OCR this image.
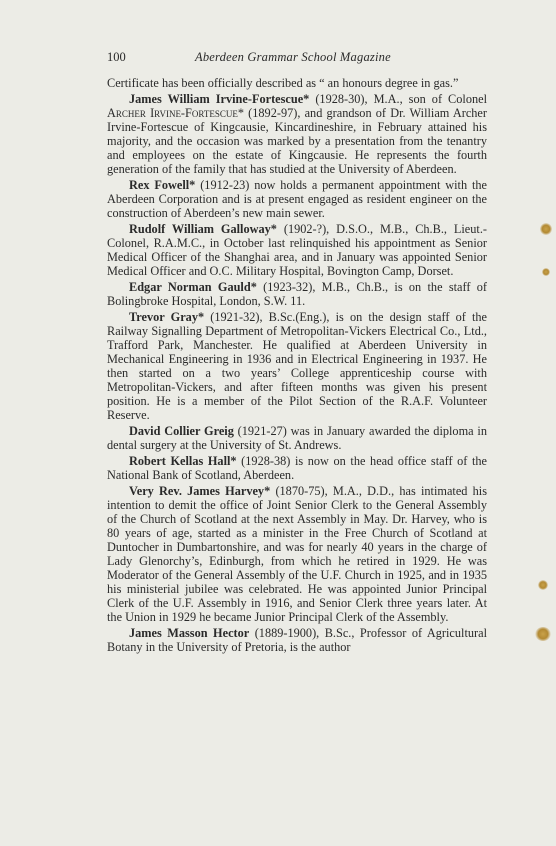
100	Aberdeen Grammar School Magazine

Certificate has been officially described as “ an honours degree in gas.”

James William Irvine-Fortescue* (1928-30), M.A., son of Colonel Archer Irvine-Fortescue* (1892-97), and grandson of Dr. William Archer Irvine-Fortescue of Kingcausie, Kincardineshire, in February attained his majority, and the occasion was marked by a presentation from the tenantry and employees on the estate of Kingcausie. He represents the fourth generation of the family that has studied at the University of Aberdeen.

Rex Fowell* (1912-23) now holds a permanent appointment with the Aberdeen Corporation and is at present engaged as resident engineer on the construction of Aberdeen’s new main sewer.

Rudolf William Galloway* (1902-?), D.S.O., M.B., Ch.B., Lieut.-Colonel, R.A.M.C., in October last relinquished his appointment as Senior Medical Officer of the Shanghai area, and in January was appointed Senior Medical Officer and O.C. Military Hospital, Bovington Camp, Dorset.

Edgar Norman Gauld* (1923-32), M.B., Ch.B., is on the staff of Bolingbroke Hospital, London, S.W. 11.

Trevor Gray* (1921-32), B.Sc.(Eng.), is on the design staff of the Railway Signalling Department of Metropolitan-Vickers Electrical Co., Ltd., Trafford Park, Manchester. He qualified at Aberdeen University in Mechanical Engineering in 1936 and in Electrical Engineering in 1937. He then started on a two years’ College apprenticeship course with Metropolitan-Vickers, and after fifteen months was given his present position. He is a member of the Pilot Section of the R.A.F. Volunteer Reserve.

David Collier Greig (1921-27) was in January awarded the diploma in dental surgery at the University of St. Andrews.

Robert Kellas Hall* (1928-38) is now on the head office staff of the National Bank of Scotland, Aberdeen.

Very Rev. James Harvey* (1870-75), M.A., D.D., has intimated his intention to demit the office of Joint Senior Clerk to the General Assembly of the Church of Scotland at the next Assembly in May. Dr. Harvey, who is 80 years of age, started as a minister in the Free Church of Scotland at Duntocher in Dumbartonshire, and was for nearly 40 years in the charge of Lady Glenorchy’s, Edinburgh, from which he retired in 1929. He was Moderator of the General Assembly of the U.F. Church in 1925, and in 1935 his ministerial jubilee was celebrated. He was appointed Junior Principal Clerk of the U.F. Assembly in 1916, and Senior Clerk three years later. At the Union in 1929 he became Junior Principal Clerk of the Assembly.

James Masson Hector (1889-1900), B.Sc., Professor of Agricultural Botany in the University of Pretoria, is the author
